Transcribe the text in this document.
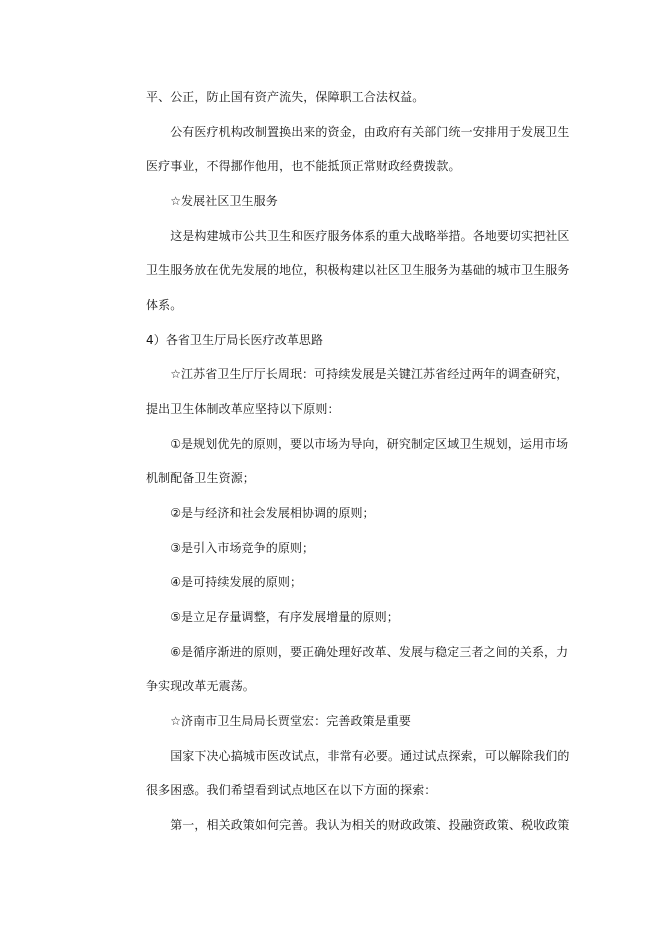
平、公正，防止国有资产流失，保障职工合法权益。
　　公有医疗机构改制置换出来的资金，由政府有关部门统一安排用于发展卫生
医疗事业，不得挪作他用，也不能抵顶正常财政经费拨款。
　　☆发展社区卫生服务
　　这是构建城市公共卫生和医疗服务体系的重大战略举措。各地要切实把社区
卫生服务放在优先发展的地位，积极构建以社区卫生服务为基础的城市卫生服务
体系。
4）各省卫生厅局长医疗改革思路
　　☆江苏省卫生厅厅长周珉：可持续发展是关键江苏省经过两年的调查研究，
提出卫生体制改革应坚持以下原则：
　　①是规划优先的原则，要以市场为导向，研究制定区域卫生规划，运用市场
机制配备卫生资源；
　　②是与经济和社会发展相协调的原则；
　　③是引入市场竞争的原则；
　　④是可持续发展的原则；
　　⑤是立足存量调整，有序发展增量的原则；
　　⑥是循序渐进的原则，要正确处理好改革、发展与稳定三者之间的关系，力
争实现改革无震荡。
　　☆济南市卫生局局长贾堂宏：完善政策是重要
　　国家下决心搞城市医改试点，非常有必要。通过试点探索，可以解除我们的
很多困惑。我们希望看到试点地区在以下方面的探索：
　　第一，相关政策如何完善。我认为相关的财政政策、投融资政策、税收政策
